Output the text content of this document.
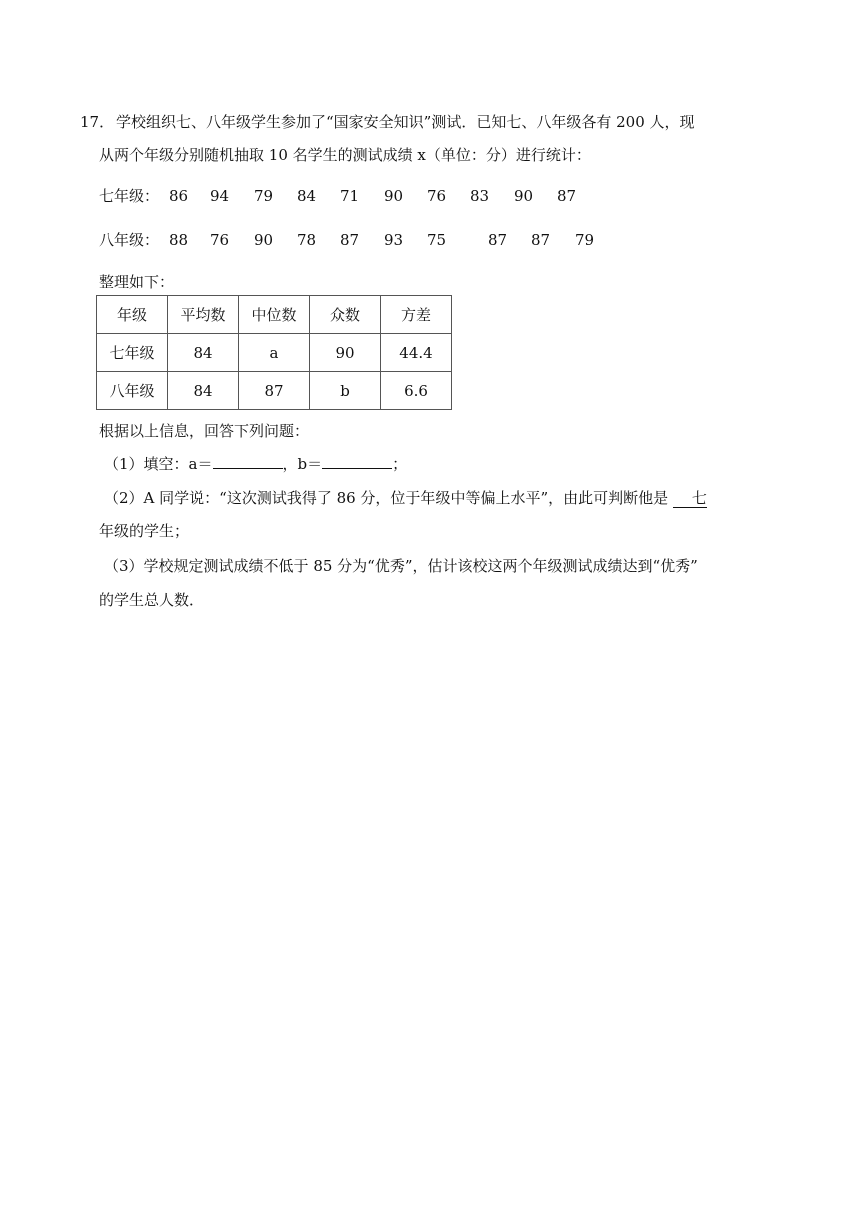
17． 学校组织七、八年级学生参加了“国家安全知识”测试．已知七、八年级各有 200 人，现
从两个年级分别随机抽取 10 名学生的测试成绩 x（单位：分）进行统计：
七年级： 86 94 79 84 71 90 76 83 90 87
八年级： 88 76 90 78 87 93 75	87 87 79
整理如下：
年级	平均数	中位数	众数	方差
七年级	84	a	90	44.4
八年级	84	87	b	6.6
根据以上信息，回答下列问题：
（1）填空：a＝	，b＝	；
（2）A 同学说：“这次测试我得了 86 分，位于年级中等偏上水平”，由此可判断他是 七
年级的学生；
（3）学校规定测试成绩不低于 85 分为“优秀”，估计该校这两个年级测试成绩达到“优秀”
的学生总人数．
